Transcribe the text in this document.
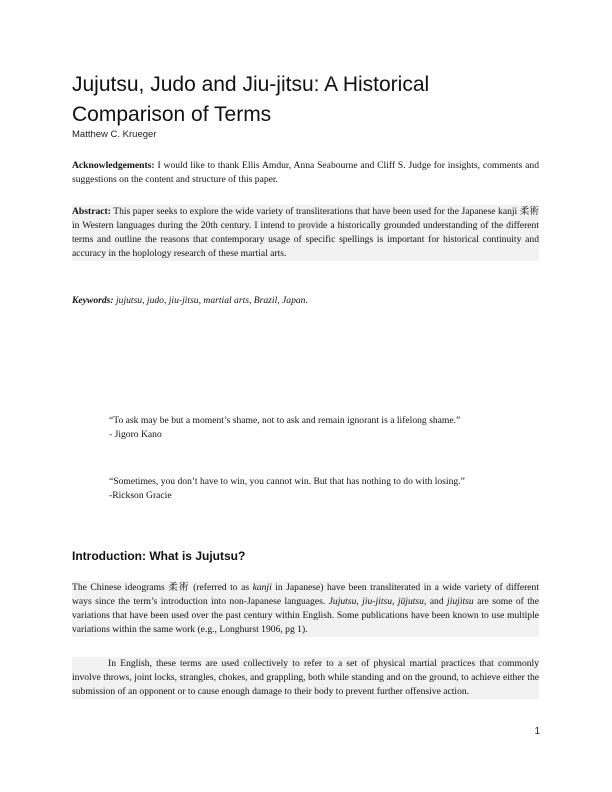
Jujutsu, Judo and Jiu-jitsu: A Historical Comparison of Terms
Matthew C. Krueger

Acknowledgements: I would like to thank Ellis Amdur, Anna Seabourne and Cliff S. Judge for insights, comments and suggestions on the content and structure of this paper.

Abstract: This paper seeks to explore the wide variety of transliterations that have been used for the Japanese kanji 柔術 in Western languages during the 20th century. I intend to provide a historically grounded understanding of the different terms and outline the reasons that contemporary usage of specific spellings is important for historical continuity and accuracy in the hoplology research of these martial arts.

Keywords: jujutsu, judo, jiu-jitsu, martial arts, Brazil, Japan.

“To ask may be but a moment’s shame, not to ask and remain ignorant is a lifelong shame.”
- Jigoro Kano
“Sometimes, you don’t have to win, you cannot win. But that has nothing to do with losing.”
-Rickson Gracie
Introduction: What is Jujutsu?

The Chinese ideograms 柔術 (referred to as kanji in Japanese) have been transliterated in a wide variety of different ways since the term’s introduction into non-Japanese languages. Jujutsu, jiu-jitsu, jūjutsu, and jiujitsu are some of the variations that have been used over the past century within English. Some publications have been known to use multiple variations within the same work (e.g., Longhurst 1906, pg 1).

In English, these terms are used collectively to refer to a set of physical martial practices that commonly involve throws, joint locks, strangles, chokes, and grappling, both while standing and on the ground, to achieve either the submission of an opponent or to cause enough damage to their body to prevent further offensive action.

1
